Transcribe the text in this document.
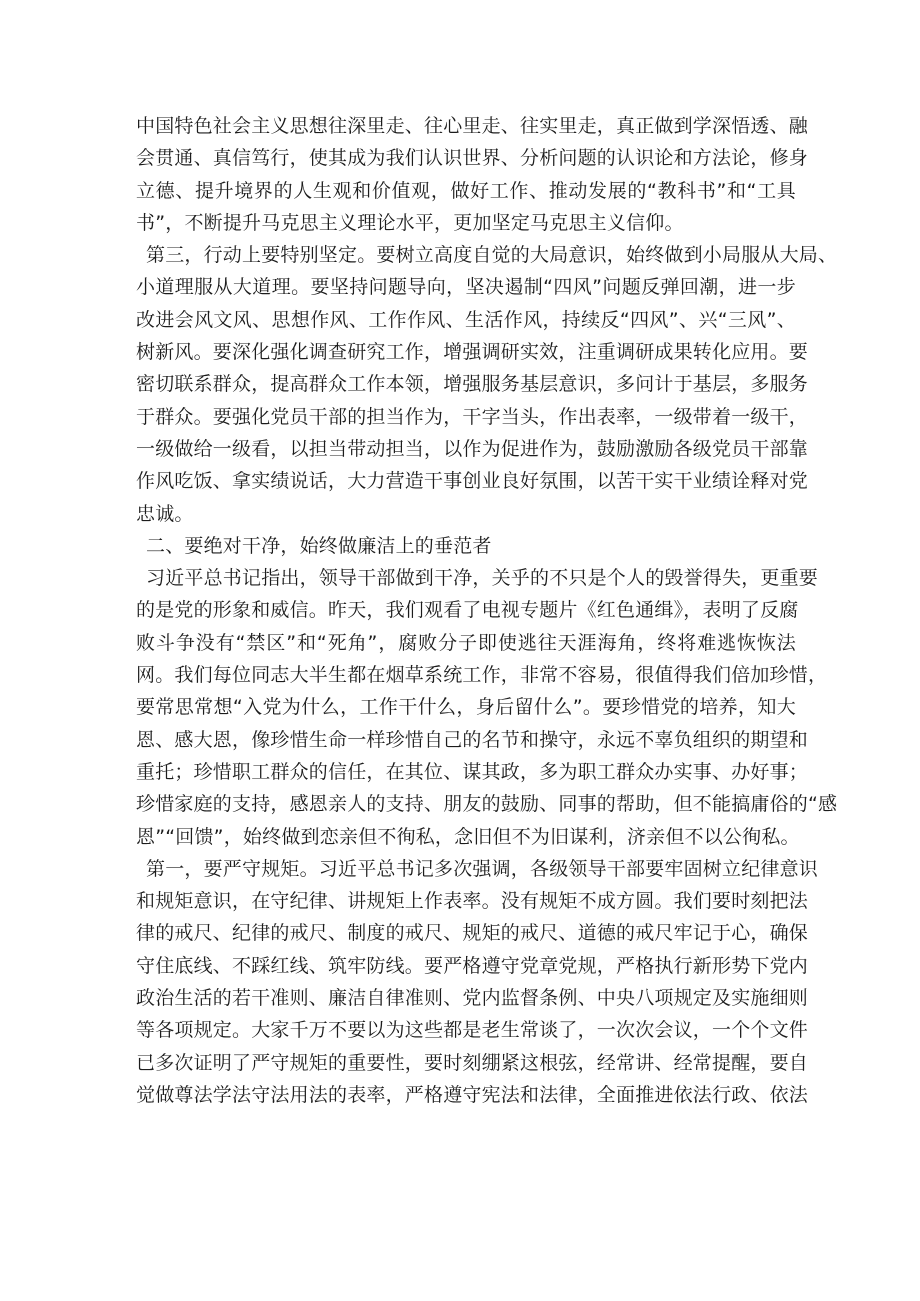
中国特色社会主义思想往深里走、往心里走、往实里走，真正做到学深悟透、融
会贯通、真信笃行，使其成为我们认识世界、分析问题的认识论和方法论，修身
立德、提升境界的人生观和价值观，做好工作、推动发展的“教科书”和“工具
书”，不断提升马克思主义理论水平，更加坚定马克思主义信仰。
第三，行动上要特别坚定。要树立高度自觉的大局意识，始终做到小局服从大局、
小道理服从大道理。要坚持问题导向，坚决遏制“四风”问题反弹回潮，进一步
改进会风文风、思想作风、工作作风、生活作风，持续反“四风”、兴“三风”、
树新风。要深化强化调查研究工作，增强调研实效，注重调研成果转化应用。要
密切联系群众，提高群众工作本领，增强服务基层意识，多问计于基层，多服务
于群众。要强化党员干部的担当作为，干字当头，作出表率，一级带着一级干，
一级做给一级看，以担当带动担当，以作为促进作为，鼓励激励各级党员干部靠
作风吃饭、拿实绩说话，大力营造干事创业良好氛围，以苦干实干业绩诠释对党
忠诚。
二、要绝对干净，始终做廉洁上的垂范者
习近平总书记指出，领导干部做到干净，关乎的不只是个人的毁誉得失，更重要
的是党的形象和威信。昨天，我们观看了电视专题片《红色通缉》，表明了反腐
败斗争没有“禁区”和“死角”，腐败分子即使逃往天涯海角，终将难逃恢恢法
网。我们每位同志大半生都在烟草系统工作，非常不容易，很值得我们倍加珍惜，
要常思常想“入党为什么，工作干什么，身后留什么”。要珍惜党的培养，知大
恩、感大恩，像珍惜生命一样珍惜自己的名节和操守，永远不辜负组织的期望和
重托；珍惜职工群众的信任，在其位、谋其政，多为职工群众办实事、办好事；
珍惜家庭的支持，感恩亲人的支持、朋友的鼓励、同事的帮助，但不能搞庸俗的“感
恩”“回馈”，始终做到恋亲但不徇私，念旧但不为旧谋利，济亲但不以公徇私。
第一，要严守规矩。习近平总书记多次强调，各级领导干部要牢固树立纪律意识
和规矩意识，在守纪律、讲规矩上作表率。没有规矩不成方圆。我们要时刻把法
律的戒尺、纪律的戒尺、制度的戒尺、规矩的戒尺、道德的戒尺牢记于心，确保
守住底线、不踩红线、筑牢防线。要严格遵守党章党规，严格执行新形势下党内
政治生活的若干准则、廉洁自律准则、党内监督条例、中央八项规定及实施细则
等各项规定。大家千万不要以为这些都是老生常谈了，一次次会议，一个个文件
已多次证明了严守规矩的重要性，要时刻绷紧这根弦，经常讲、经常提醒，要自
觉做尊法学法守法用法的表率，严格遵守宪法和法律，全面推进依法行政、依法
